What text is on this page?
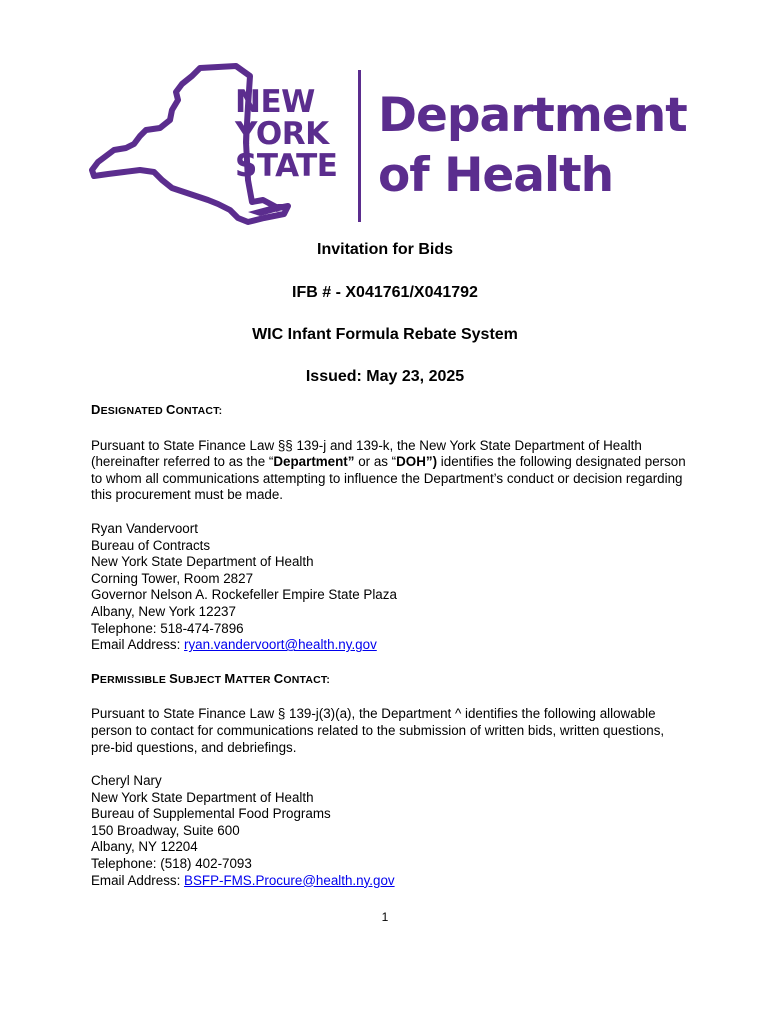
NEW
YORK
STATE
TM
Department
of Health

Invitation for Bids

IFB # - X041761/X041792

WIC Infant Formula Rebate System

Issued: May 23, 2025

DESIGNATED CONTACT:

Pursuant to State Finance Law §§ 139-j and 139-k, the New York State Department of Health (hereinafter referred to as the “Department” or as “DOH”) identifies the following designated person to whom all communications attempting to influence the Department’s conduct or decision regarding this procurement must be made.

Ryan Vandervoort
Bureau of Contracts
New York State Department of Health
Corning Tower, Room 2827
Governor Nelson A. Rockefeller Empire State Plaza
Albany, New York 12237
Telephone: 518-474-7896
Email Address: ryan.vandervoort@health.ny.gov

PERMISSIBLE SUBJECT MATTER CONTACT:

Pursuant to State Finance Law § 139-j(3)(a), the Department ^ identifies the following allowable person to contact for communications related to the submission of written bids, written questions, pre-bid questions, and debriefings.

Cheryl Nary
New York State Department of Health
Bureau of Supplemental Food Programs
150 Broadway, Suite 600
Albany, NY 12204
Telephone: (518) 402-7093
Email Address: BSFP-FMS.Procure@health.ny.gov
1
